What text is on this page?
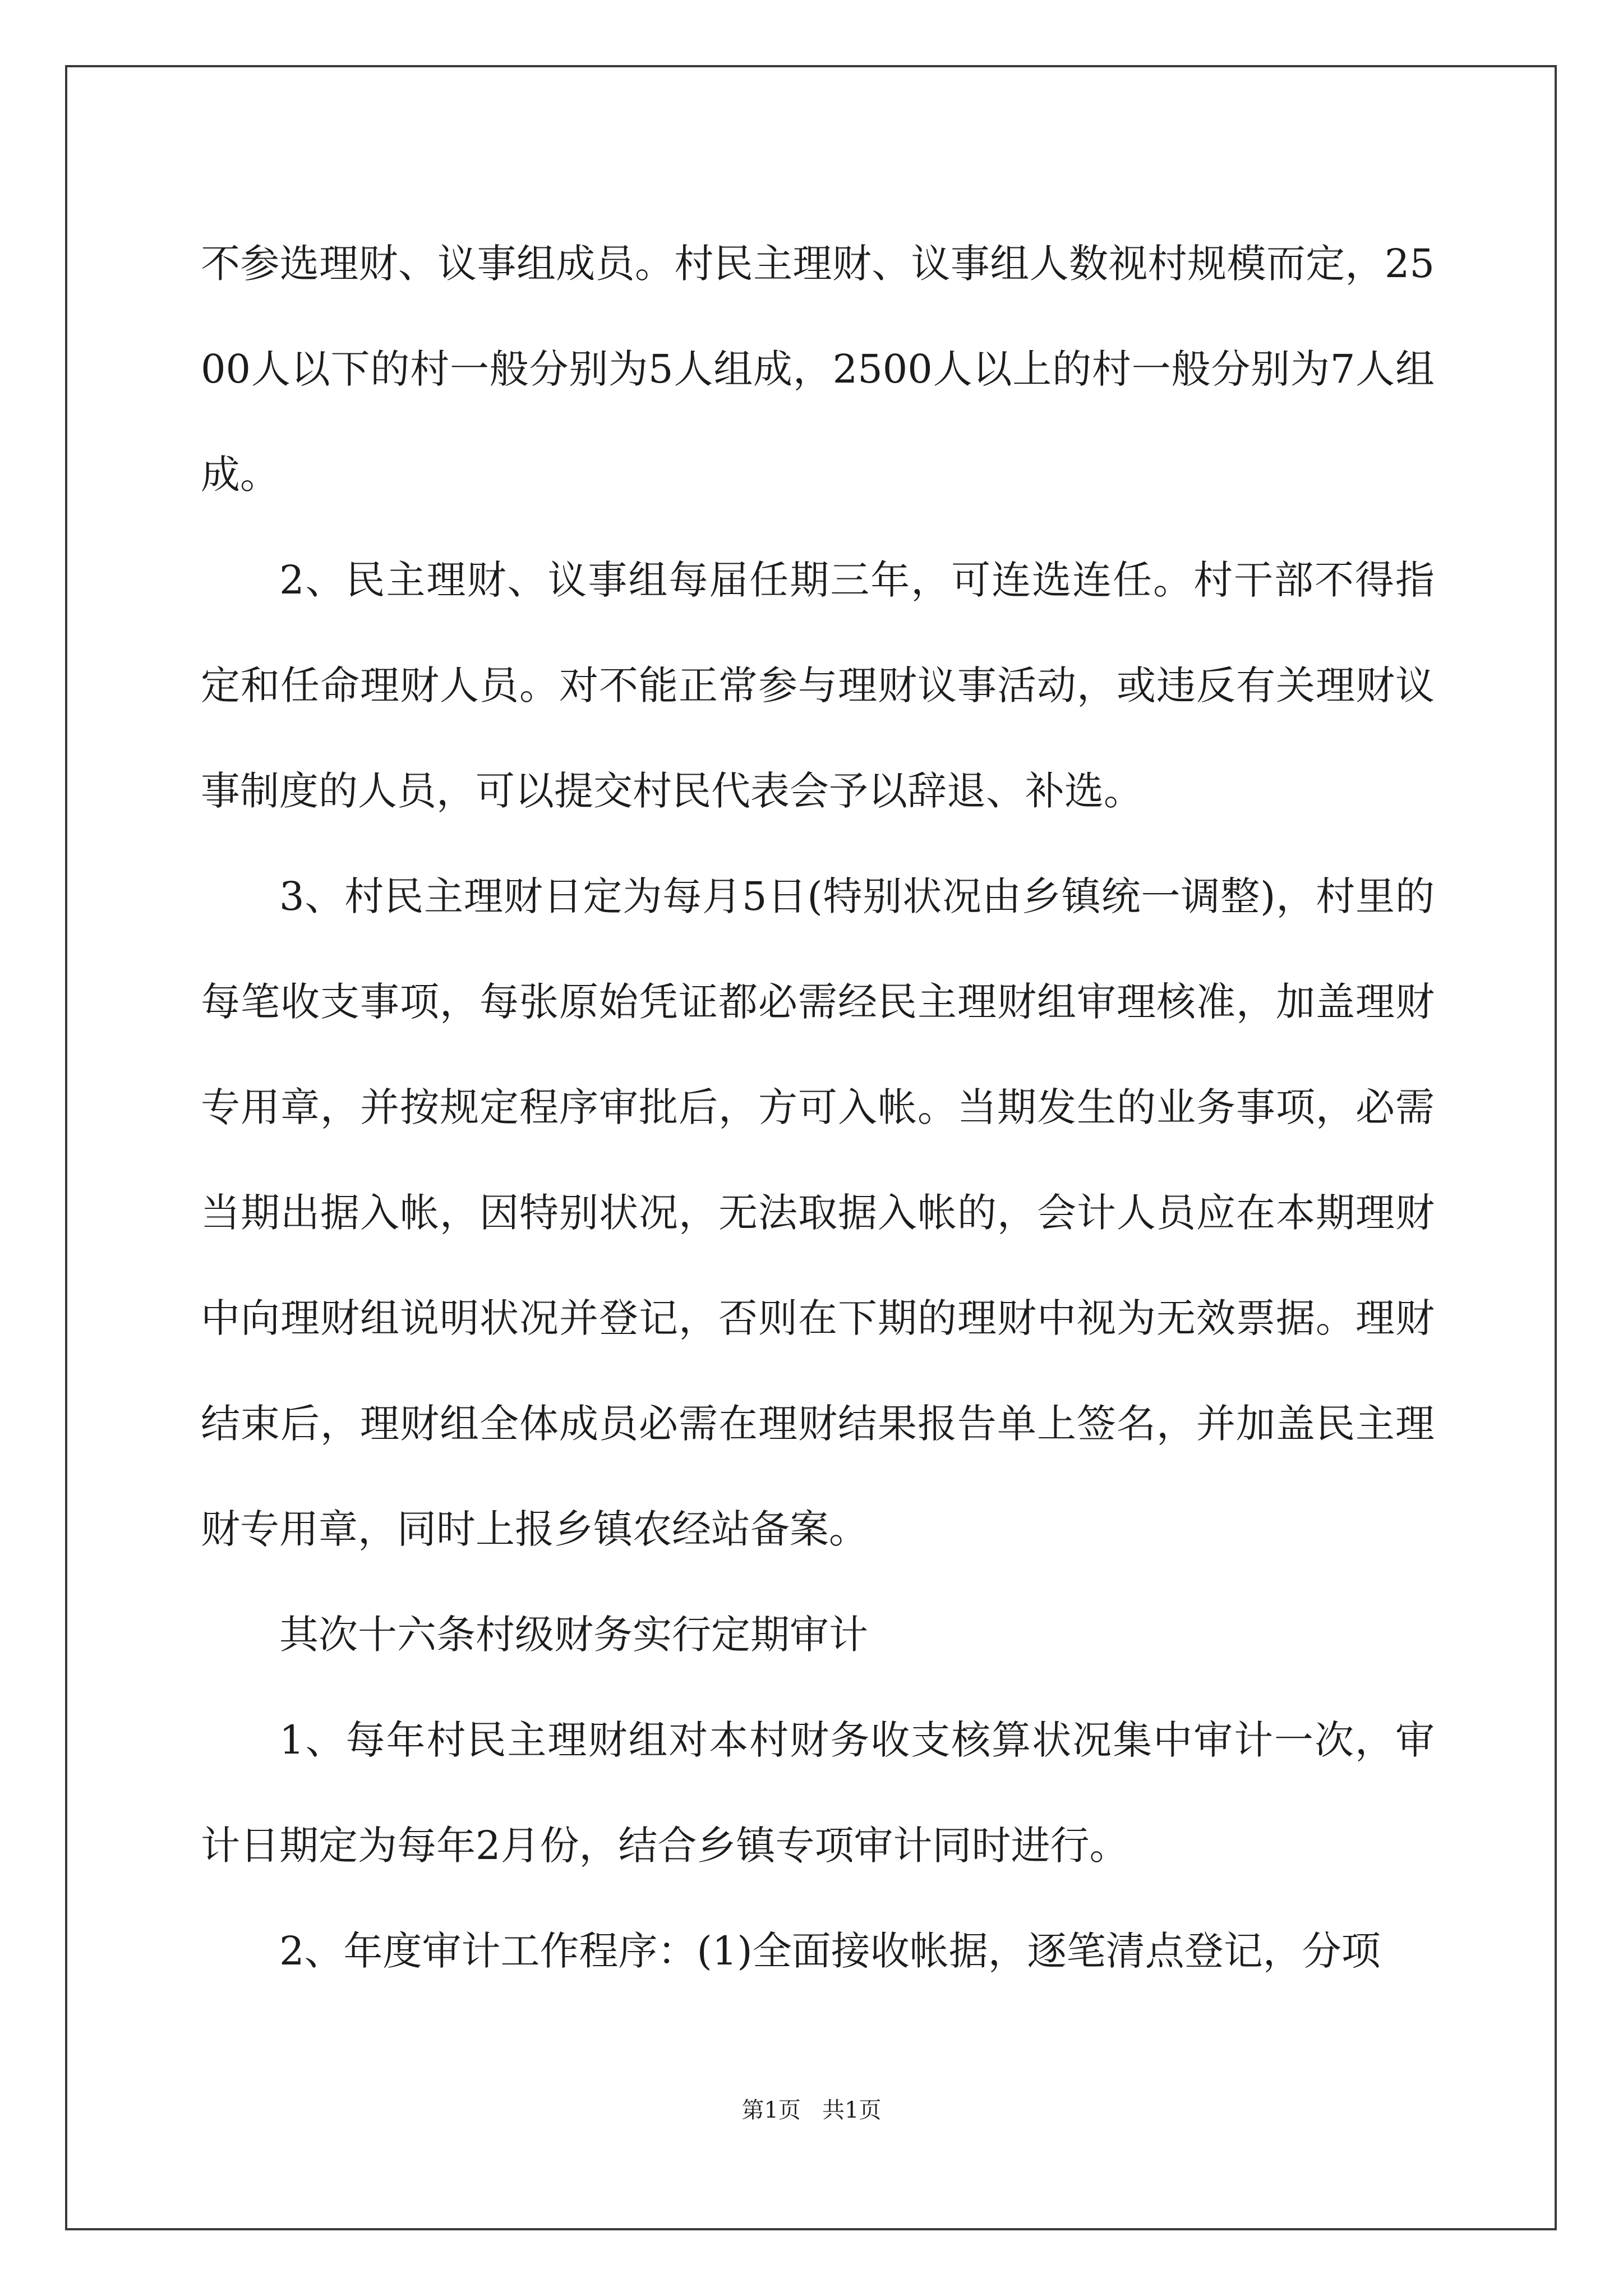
不参选理财、议事组成员。村民主理财、议事组人数视村规模而定，2500人以下的村一般分别为5人组成，2500人以上的村一般分别为7人组成。

2、民主理财、议事组每届任期三年，可连选连任。村干部不得指定和任命理财人员。对不能正常参与理财议事活动，或违反有关理财议事制度的人员，可以提交村民代表会予以辞退、补选。

3、村民主理财日定为每月5日(特别状况由乡镇统一调整)，村里的每笔收支事项，每张原始凭证都必需经民主理财组审理核准，加盖理财专用章，并按规定程序审批后，方可入帐。当期发生的业务事项，必需当期出据入帐，因特别状况，无法取据入帐的，会计人员应在本期理财中向理财组说明状况并登记，否则在下期的理财中视为无效票据。理财结束后，理财组全体成员必需在理财结果报告单上签名，并加盖民主理财专用章，同时上报乡镇农经站备案。

其次十六条村级财务实行定期审计

1、每年村民主理财组对本村财务收支核算状况集中审计一次，审计日期定为每年2月份，结合乡镇专项审计同时进行。

2、年度审计工作程序：(1)全面接收帐据，逐笔清点登记，分项

第1页   共1页
